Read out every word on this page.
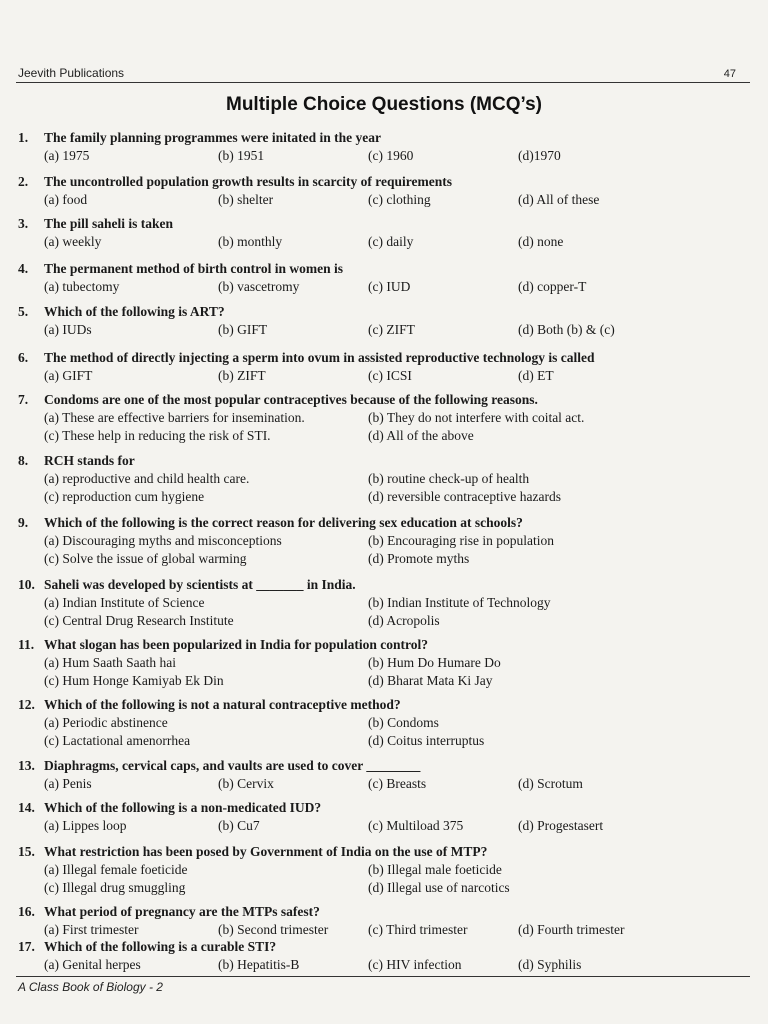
Jeevith Publications	47
Multiple Choice Questions (MCQ’s)
1. The family planning programmes were initated in the year
(a) 1975	(b) 1951	(c) 1960	(d)1970
2. The uncontrolled population growth results in scarcity of requirements
(a) food	(b) shelter	(c) clothing	(d) All of these
3. The pill saheli is taken
(a) weekly	(b) monthly	(c) daily	(d) none
4. The permanent method of birth control in women is
(a) tubectomy	(b) vascetromy	(c) IUD	(d) copper-T
5. Which of the following is ART?
(a) IUDs	(b) GIFT	(c) ZIFT	(d) Both (b) & (c)
6. The method of directly injecting a sperm into ovum in assisted reproductive technology is called
(a) GIFT	(b) ZIFT	(c) ICSI	(d) ET
7. Condoms are one of the most popular contraceptives because of the following reasons.
(a) These are effective barriers for insemination.	(b) They do not interfere with coital act.
(c) These help in reducing the risk of STI.	(d) All of the above
8. RCH stands for
(a) reproductive and child health care.	(b) routine check-up of health
(c) reproduction cum hygiene	(d) reversible contraceptive hazards
9. Which of the following is the correct reason for delivering sex education at schools?
(a) Discouraging myths and misconceptions	(b) Encouraging rise in population
(c) Solve the issue of global warming	(d) Promote myths
10. Saheli was developed by scientists at _______ in India.
(a) Indian Institute of Science	(b) Indian Institute of Technology
(c) Central Drug Research Institute	(d) Acropolis
11. What slogan has been popularized in India for population control?
(a) Hum Saath Saath hai	(b) Hum Do Humare Do
(c) Hum Honge Kamiyab Ek Din	(d) Bharat Mata Ki Jay
12. Which of the following is not a natural contraceptive method?
(a) Periodic abstinence	(b) Condoms
(c) Lactational amenorrhea	(d) Coitus interruptus
13. Diaphragms, cervical caps, and vaults are used to cover ________
(a) Penis	(b) Cervix	(c) Breasts	(d) Scrotum
14. Which of the following is a non-medicated IUD?
(a) Lippes loop	(b) Cu7	(c) Multiload 375	(d) Progestasert
15. What restriction has been posed by Government of India on the use of MTP?
(a) Illegal female foeticide	(b) Illegal male foeticide
(c) Illegal drug smuggling	(d) Illegal use of narcotics
16. What period of pregnancy are the MTPs safest?
(a) First trimester	(b) Second trimester	(c) Third trimester	(d) Fourth trimester
17. Which of the following is a curable STI?
(a) Genital herpes	(b) Hepatitis-B	(c) HIV infection	(d) Syphilis
A Class Book of Biology - 2
